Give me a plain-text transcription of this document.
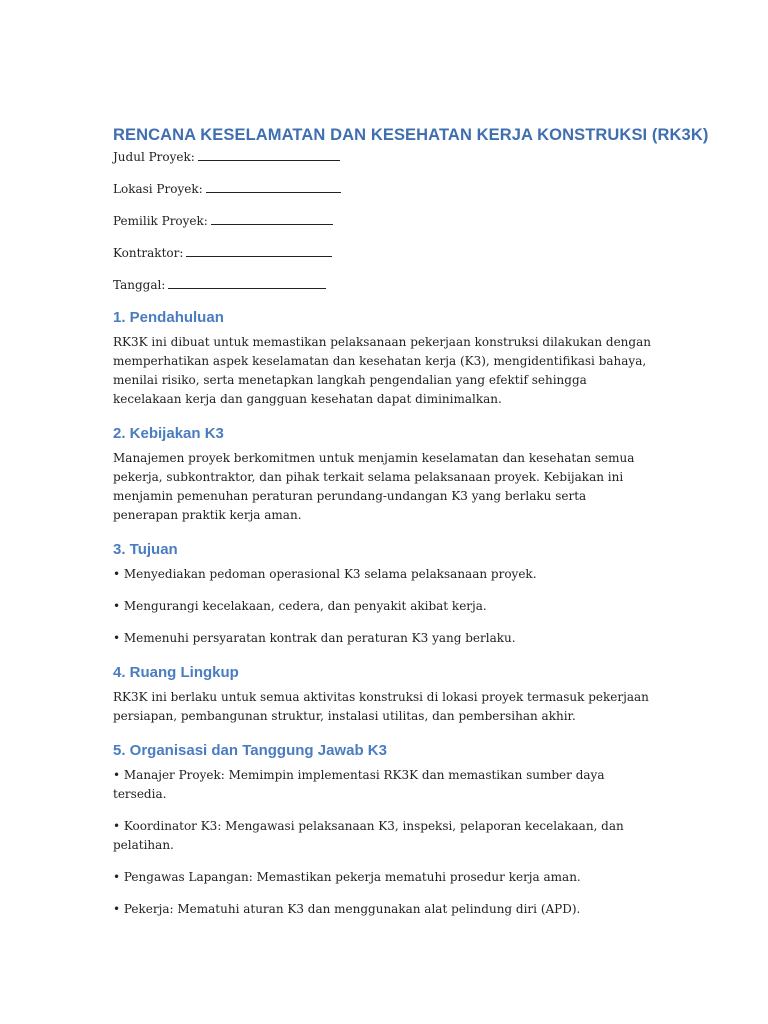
RENCANA KESELAMATAN DAN KESEHATAN KERJA KONSTRUKSI (RK3K)

Judul Proyek:

Lokasi Proyek:

Pemilik Proyek:

Kontraktor:

Tanggal:

1. Pendahuluan

RK3K ini dibuat untuk memastikan pelaksanaan pekerjaan konstruksi dilakukan dengan memperhatikan aspek keselamatan dan kesehatan kerja (K3), mengidentifikasi bahaya, menilai risiko, serta menetapkan langkah pengendalian yang efektif sehingga kecelakaan kerja dan gangguan kesehatan dapat diminimalkan.

2. Kebijakan K3

Manajemen proyek berkomitmen untuk menjamin keselamatan dan kesehatan semua pekerja, subkontraktor, dan pihak terkait selama pelaksanaan proyek. Kebijakan ini menjamin pemenuhan peraturan perundang-undangan K3 yang berlaku serta penerapan praktik kerja aman.

3. Tujuan

• Menyediakan pedoman operasional K3 selama pelaksanaan proyek.

• Mengurangi kecelakaan, cedera, dan penyakit akibat kerja.

• Memenuhi persyaratan kontrak dan peraturan K3 yang berlaku.

4. Ruang Lingkup

RK3K ini berlaku untuk semua aktivitas konstruksi di lokasi proyek termasuk pekerjaan persiapan, pembangunan struktur, instalasi utilitas, dan pembersihan akhir.

5. Organisasi dan Tanggung Jawab K3

• Manajer Proyek: Memimpin implementasi RK3K dan memastikan sumber daya tersedia.

• Koordinator K3: Mengawasi pelaksanaan K3, inspeksi, pelaporan kecelakaan, dan pelatihan.

• Pengawas Lapangan: Memastikan pekerja mematuhi prosedur kerja aman.

• Pekerja: Mematuhi aturan K3 dan menggunakan alat pelindung diri (APD).
